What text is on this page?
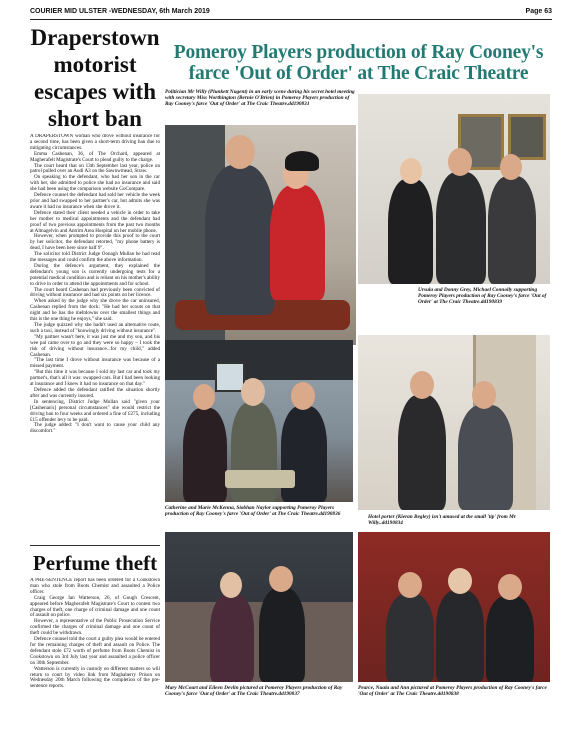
COURIER MID ULSTER -WEDNESDAY, 6th March 2019	Page 63
Draperstown motorist escapes with short ban

A DRAPERSTOWN woman who drove without insurance for a second time, has been given a short-term driving ban due to mitigating circumstances.

Emma Cashenan, 36, of The Orchard, appeared at Magherafelt Magistrate's Court to plead guilty to the charge.

The court heard that on 13th September last year, police on patrol pulled over an Audi A3 on the Sawnwmead, Straw.

On speaking to the defendant, who had her son in the car with her, she admitted to police she had no insurance and said she had been using the comparison website GoCompare.

Defence counsel the defendant had sold her vehicle the week prior and had swapped to her partner's car, but admits she was aware it had no insurance when she drove it.

Defence stated their client needed a vehicle in order to take her mother to medical appointments and the defendant had proof of two previous appointments from the past two months at Altnagelvin and Antrim Area Hospital on her mobile phone.

However, when prompted to provide this proof to the court by her solicitor, the defendant retorted, "my phone battery is dead, I have been here since half 9".

The solicitor told District Judge Oonagh Mullan he had read the messages and could confirm the above information.

During the defence's argument, they explained the defendant's young son is currently undergoing tests for a potential medical condition and is reliant on his mother's ability to drive in order to attend the appointments and for school.

The court heard Cashenan had previously been convicted of driving without insurance and had six points on her licence.

When asked by the judge why she drove the car uninsured, Cashenan replied from the dock: "He had her scouts on that night and he has the meltdowns over the smallest things and this is the one thing he enjoys," she said.

The judge quizzed why she hadn't used an alternative route, such a taxi, instead of "knowingly driving without insurance".

"My partner wasn't here, it was just me and my son, and his wee pal came over to go and they were so happy – I took the risk of driving without insurance...for my child," added Cashenan.

"The last time I drove without insurance was because of a missed payment.

"But this time it was because I sold my last car and took my partner's, that's all it was: swapped cars. But I had been looking at insurance and I knew it had no insurance on that day."

Defence added the defendant ratified the situation shortly after and was currently insured.

In sentencing, District Judge Mullan said "given your [Cashenan's] personal circumstances" she would restrict the driving ban to four weeks and ordered a fine of £275, including £15 offender levy to be paid.

The judge added: "I don't want to cause your child any discomfort."

Perfume theft

A PRE-SENTENCE report has been ordered for a Cookstown man who stole from Boots Chemist and assaulted a Police officer.

Craig George Ian Watterson, 26, of Gough Crescent, appeared before Magherafelt Magistrate's Court to contest two charges of theft, one charge of criminal damage and one count of assault on police.

However, a representative of the Public Prosecution Service confirmed the charges of criminal damage and one count of theft could be withdrawn.

Defence counsel told the court a guilty plea would be entered for the remaining charges of theft and assault on Police. The defendant stole £72 worth of perfume from Boots Chemist in Cookstown on 3rd July last year and assaulted a police officer on 30th September.

Watterson is currently in custody on different matters so will return to court by video link from Maghaberry Prison on Wednesday 20th March following the completion of the pre-sentence reports.

Pomeroy Players production of Ray Cooney's farce 'Out of Order' at The Craic Theatre
Politician Mr Willy (Plunkett Nugent) in an early scene during his secret hotel meeting with secretary Miss Worthington (Bernie O'Brien) in Pomeroy Players production of Ray Cooney's farce 'Out of Order' at The Craic Theatre.dd190831
Ursula and Donny Grey, Michael Connolly supporting Pomeroy Players production of Ray Cooney's farce 'Out of Order' at The Craic Theatre.dd190839
Catherine and Marie McKenna, Siobhan Naylor supporting Pomeroy Players production of Ray Cooney's farce 'Out of Order' at The Craic Theatre.dd190836	Hotel porter (Kieran Begley) isn't amused at the small 'tip' from Mr Willy..dd190834
Mary McCourt and Eileen Devlin pictured at Pomeroy Players production of Ray Cooney's farce 'Out of Order' at The Craic Theatre.dd190837
Pearce, Nuala and Ann pictured at Pomeroy Players production of Ray Cooney's farce 'Out of Order' at The Craic Theatre.dd190838
